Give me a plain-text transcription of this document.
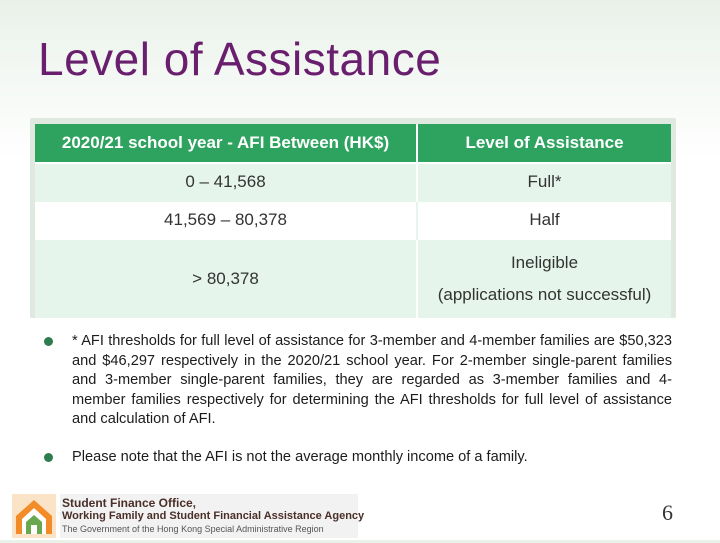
Level of Assistance
2020/21 school year - AFI Between (HK$)	Level of Assistance
0 – 41,568	Full*
41,569 – 80,378	Half
> 80,378	Ineligible
(applications not successful)
* AFI thresholds for full level of assistance for 3-member and 4-member families are $50,323 and $46,297 respectively in the 2020/21 school year. For 2-member single-parent families and 3-member single-parent families, they are regarded as 3-member families and 4-member families respectively for determining the AFI thresholds for full level of assistance and calculation of AFI.
Please note that the AFI is not the average monthly income of a family.
Student Finance Office,
Working Family and Student Financial Assistance Agency
The Government of the Hong Kong Special Administrative Region
6
